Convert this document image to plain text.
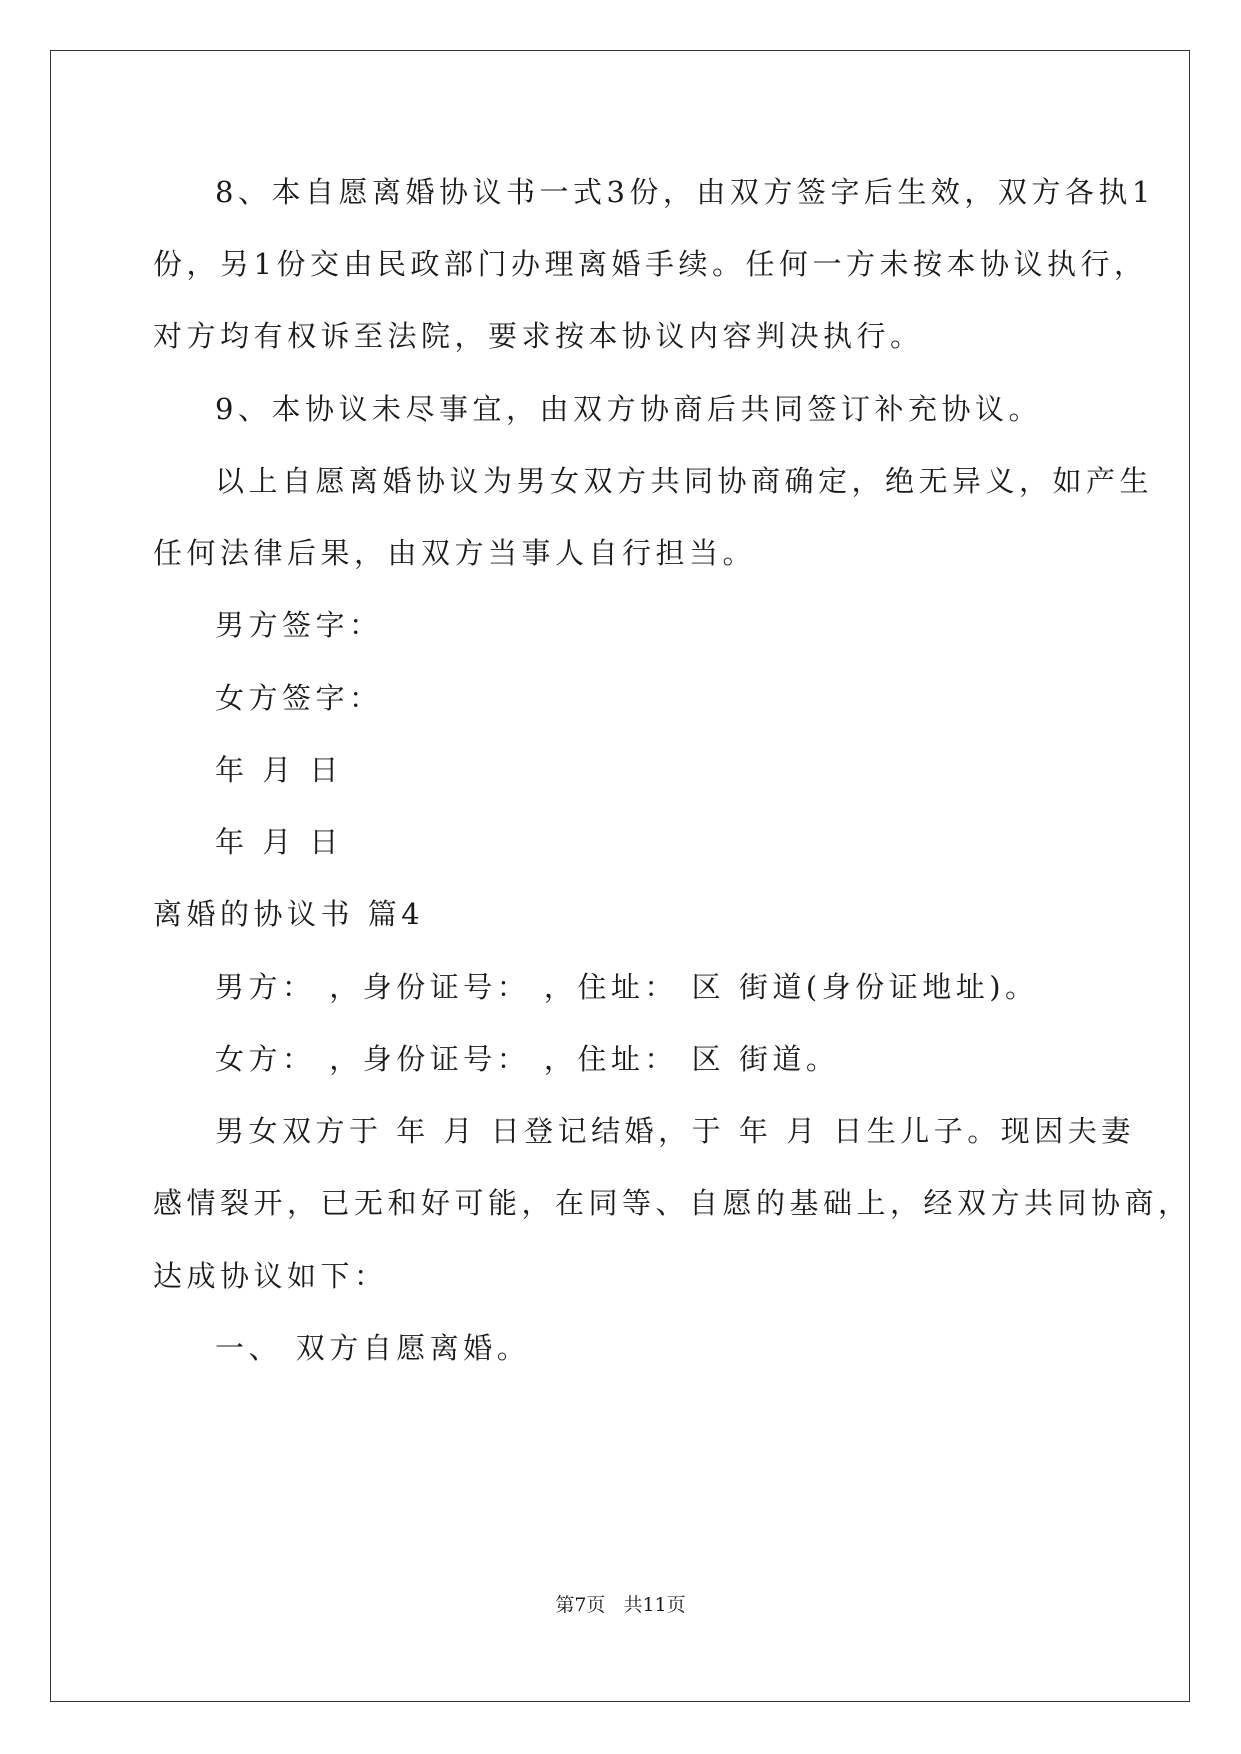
8、本自愿离婚协议书一式3份，由双方签字后生效，双方各执1
份，另1份交由民政部门办理离婚手续。任何一方未按本协议执行，
对方均有权诉至法院，要求按本协议内容判决执行。
9、本协议未尽事宜，由双方协商后共同签订补充协议。
以上自愿离婚协议为男女双方共同协商确定，绝无异义，如产生
任何法律后果，由双方当事人自行担当。
男方签字：
女方签字：
年 月 日
年 月 日
离婚的协议书 篇4
男方： ，身份证号： ，住址： 区 街道(身份证地址)。
女方： ，身份证号： ，住址： 区 街道。
男女双方于 年 月 日登记结婚，于 年 月 日生儿子。现因夫妻
感情裂开，已无和好可能，在同等、自愿的基础上，经双方共同协商，
达成协议如下：
一、 双方自愿离婚。
第7页 共11页
